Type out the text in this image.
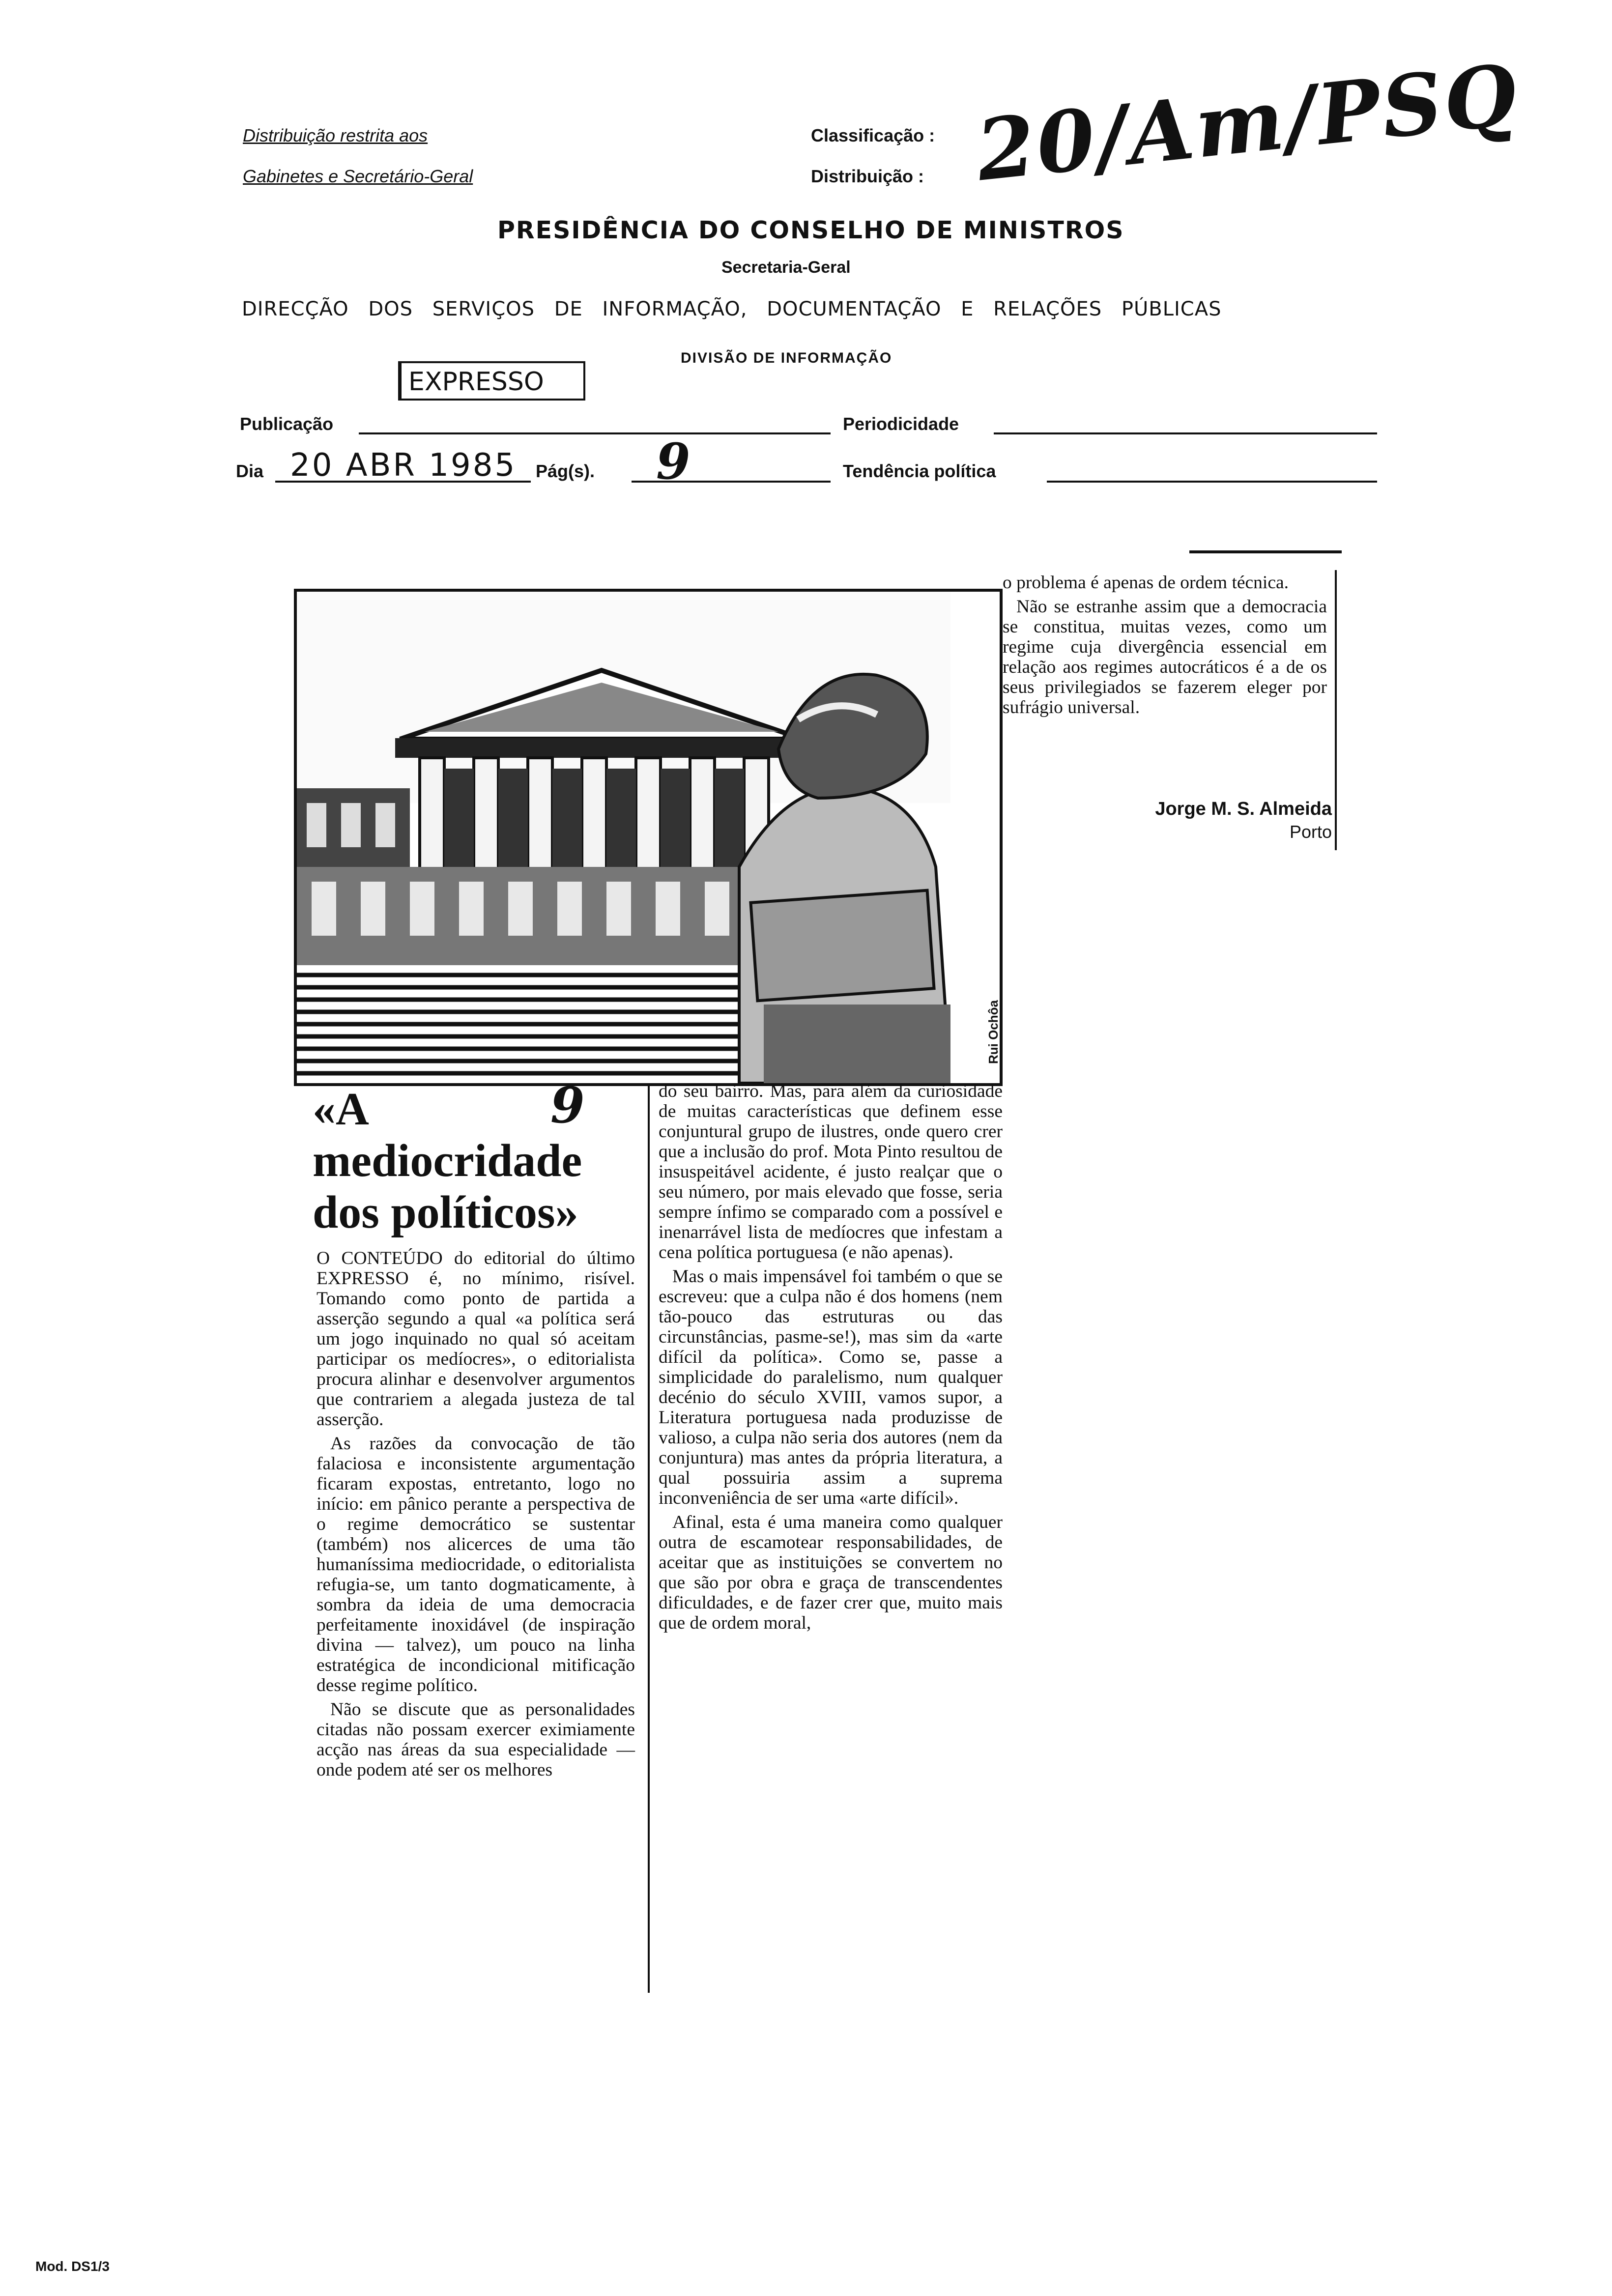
Distribuição restrita aos
Gabinetes e Secretário-Geral
Classificação :
Distribuição : 20/Am/PSQ
PRESIDÊNCIA DO CONSELHO DE MINISTROS
Secretaria-Geral
DIRECÇÃO DOS SERVIÇOS DE INFORMAÇÃO, DOCUMENTAÇÃO E RELAÇÕES PÚBLICAS
DIVISÃO DE INFORMAÇÃO
EXPRESSO
Publicação	Periodicidade
Dia 20 ABR 1985 Pág(s). 9	Tendência política
Rui Ochôa
«A
mediocridade
dos políticos»
9

O CONTEÚDO do editorial do último EXPRESSO é, no mínimo, risível. Tomando como ponto de partida a asserção segundo a qual «a política será um jogo inquinado no qual só aceitam participar os medíocres», o editorialista procura alinhar e desenvolver argumentos que contrariem a alegada justeza de tal asserção.

As razões da convocação de tão falaciosa e inconsistente argumentação ficaram expostas, entretanto, logo no início: em pânico perante a perspectiva de o regime democrático se sustentar (também) nos alicerces de uma tão humaníssima mediocridade, o editorialista refugia-se, um tanto dogmaticamente, à sombra da ideia de uma democracia perfeitamente inoxidável (de inspiração divina — talvez), um pouco na linha estratégica de incondicional mitificação desse regime político.

Não se discute que as personalidades citadas não possam exercer eximiamente acção nas áreas da sua especialidade — onde podem até ser os melhores

do seu bairro. Mas, para além da curiosidade de muitas características que definem esse conjuntural grupo de ilustres, onde quero crer que a inclusão do prof. Mota Pinto resultou de insuspeitável acidente, é justo realçar que o seu número, por mais elevado que fosse, seria sempre ínfimo se comparado com a possível e inenarrável lista de medíocres que infestam a cena política portuguesa (e não apenas).

Mas o mais impensável foi também o que se escreveu: que a culpa não é dos homens (nem tão-pouco das estruturas ou das circunstâncias, pasme-se!), mas sim da «arte difícil da política». Como se, passe a simplicidade do paralelismo, num qualquer decénio do século XVIII, vamos supor, a Literatura portuguesa nada produzisse de valioso, a culpa não seria dos autores (nem da conjuntura) mas antes da própria literatura, a qual possuiria assim a suprema inconveniência de ser uma «arte difícil».

Afinal, esta é uma maneira como qualquer outra de escamotear responsabilidades, de aceitar que as instituições se convertem no que são por obra e graça de transcendentes dificuldades, e de fazer crer que, muito mais que de ordem moral,

o problema é apenas de ordem técnica.

Não se estranhe assim que a democracia se constitua, muitas vezes, como um regime cuja divergência essencial em relação aos regimes autocráticos é a de os seus privilegiados se fazerem eleger por sufrágio universal.

Jorge M. S. Almeida
Porto
Mod. DS1/3
